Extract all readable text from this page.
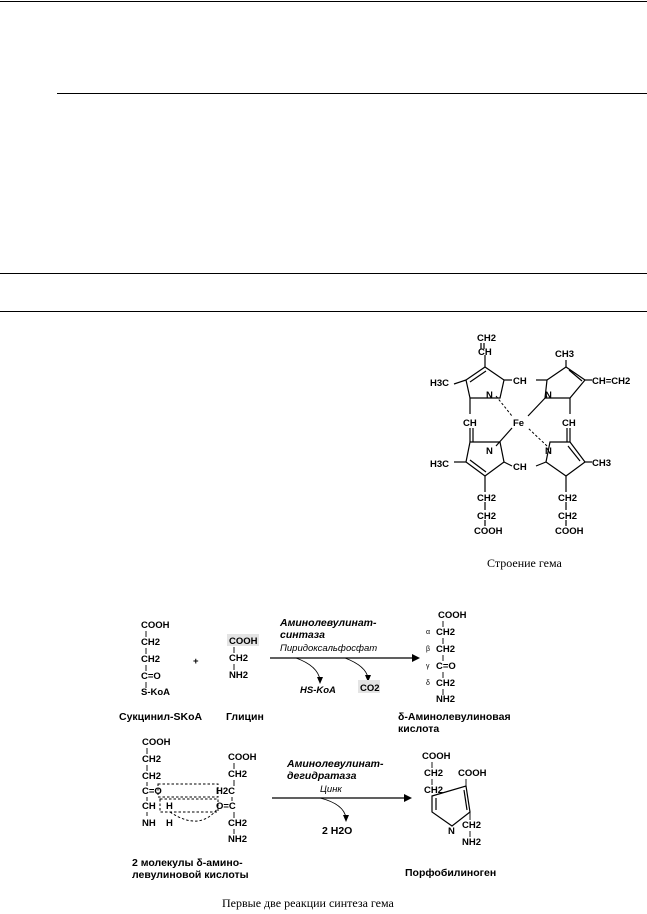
CH2
CH	CH3
CH=CH2
H3C	CH
N	N
Fe
CH	CH
N	N
H3C	CH	CH3
CH2
CH2
COOH
CH2
CH2
COOH
Строение гема
COOH
CH2
CH2
C=O
S-KoA
Сукцинил-SKoA
+
COOH
CH2
NH2
Глицин
Аминолевулинат-
синтаза
Пиридоксальфосфат
HS-KoA	CO2
COOH
α CH2
β CH2
γ C=O
δ CH2
NH2
δ-Аминолевулиновая
кислота
COOH
CH2
CH2
C=O
CH H
NH H
COOH
CH2
H2C
O=C
CH2
NH2
2 молекулы δ-амино-
левулиновой кислоты
Аминолевулинат-
дегидратаза
Цинк
2 H2O
COOH
CH2
CH2
COOH
N
CH2
NH2
Порфобилиноген
Первые две реакции синтеза гема
